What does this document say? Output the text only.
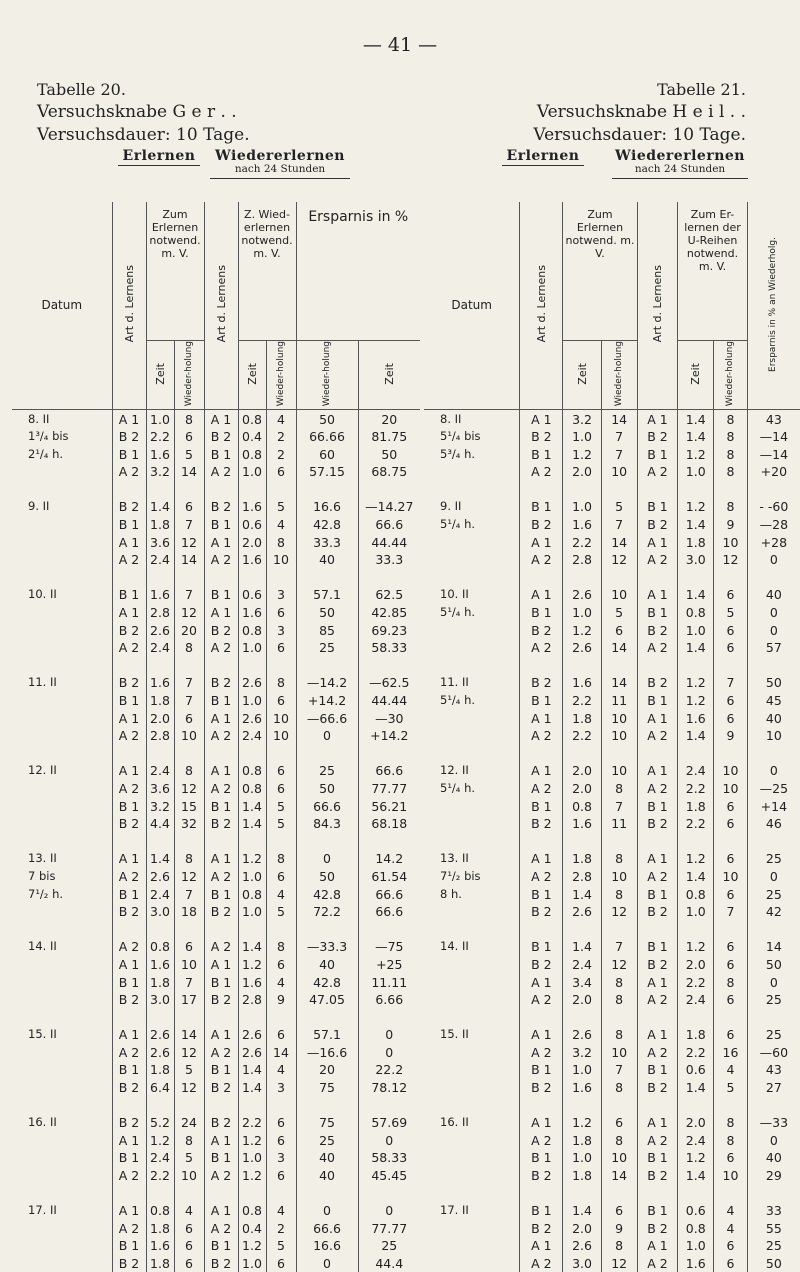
— 41 —
Tabelle 20.
Versuchsknabe G e r . .
Versuchsdauer: 10 Tage.
Tabelle 21.
Versuchsknabe H e i l . .
Versuchsdauer: 10 Tage.
Erlernen	Wiedererlernen
nach 24 Stunden
Erlernen	Wiedererlernen
nach 24 Stunden
Datum	Art d. Lernens	Zum Erlernen notwend. m. V.		Art d. Lernens	Z. Wied-erlernen notwend. m. V.		Ersparnis in %	
		Zeit	Wieder-holung		Zeit	Wieder-holung	Wieder-holung	Zeit
8. II	A 1	1.0	8	A 1	0.8	4	50	20
1³/₄ bis	B 2	2.2	6	B 2	0.4	2	66.66	81.75
2¹/₄ h.	B 1	1.6	5	B 1	0.8	2	60	50
	A 2	3.2	14	A 2	1.0	6	57.15	68.75

9. II	B 2	1.4	6	B 2	1.6	5	16.6	—14.27
	B 1	1.8	7	B 1	0.6	4	42.8	66.6
	A 1	3.6	12	A 1	2.0	8	33.3	44.44
	A 2	2.4	14	A 2	1.6	10	40	33.3

10. II	B 1	1.6	7	B 1	0.6	3	57.1	62.5
	A 1	2.8	12	A 1	1.6	6	50	42.85
	B 2	2.6	20	B 2	0.8	3	85	69.23
	A 2	2.4	8	A 2	1.0	6	25	58.33

11. II	B 2	1.6	7	B 2	2.6	8	—14.2	—62.5
	B 1	1.8	7	B 1	1.0	6	+14.2	44.44
	A 1	2.0	6	A 1	2.6	10	—66.6	—30
	A 2	2.8	10	A 2	2.4	10	0	+14.2

12. II	A 1	2.4	8	A 1	0.8	6	25	66.6
	A 2	3.6	12	A 2	0.8	6	50	77.77
	B 1	3.2	15	B 1	1.4	5	66.6	56.21
	B 2	4.4	32	B 2	1.4	5	84.3	68.18

13. II	A 1	1.4	8	A 1	1.2	8	0	14.2
7 bis	A 2	2.6	12	A 2	1.0	6	50	61.54
7¹/₂ h.	B 1	2.4	7	B 1	0.8	4	42.8	66.6
	B 2	3.0	18	B 2	1.0	5	72.2	66.6

14. II	A 2	0.8	6	A 2	1.4	8	—33.3	—75
	A 1	1.6	10	A 1	1.2	6	40	+25
	B 1	1.8	7	B 1	1.6	4	42.8	11.11
	B 2	3.0	17	B 2	2.8	9	47.05	6.66

15. II	A 1	2.6	14	A 1	2.6	6	57.1	0
	A 2	2.6	12	A 2	2.6	14	—16.6	0
	B 1	1.8	5	B 1	1.4	4	20	22.2
	B 2	6.4	12	B 2	1.4	3	75	78.12

16. II	B 2	5.2	24	B 2	2.2	6	75	57.69
	A 1	1.2	8	A 1	1.2	6	25	0
	B 1	2.4	5	B 1	1.0	3	40	58.33
	A 2	2.2	10	A 2	1.2	6	40	45.45

17. II	A 1	0.8	4	A 1	0.8	4	0	0
	A 2	1.8	6	A 2	0.4	2	66.6	77.77
	B 1	1.6	6	B 1	1.2	5	16.6	25
	B 2	1.8	6	B 2	1.0	6	0	44.4
Datum	Art d. Lernens	Zum Erlernen notwend. m. V.		Art d. Lernens	Zum Er-lernen der U-Reihen notwend. m. V.		Ersparnis in % an Wiederholg.
		Zeit	Wieder-holung		Zeit	Wieder-holung	
8. II	A 1	3.2	14	A 1	1.4	8	43
5¹/₄ bis	B 2	1.0	7	B 2	1.4	8	—14
5³/₄ h.	B 1	1.2	7	B 1	1.2	8	—14
	A 2	2.0	10	A 2	1.0	8	+20

9. II	B 1	1.0	5	B 1	1.2	8	- -60
5¹/₄ h.	B 2	1.6	7	B 2	1.4	9	—28
	A 1	2.2	14	A 1	1.8	10	+28
	A 2	2.8	12	A 2	3.0	12	0

10. II	A 1	2.6	10	A 1	1.4	6	40
5¹/₄ h.	B 1	1.0	5	B 1	0.8	5	0
	B 2	1.2	6	B 2	1.0	6	0
	A 2	2.6	14	A 2	1.4	6	57

11. II	B 2	1.6	14	B 2	1.2	7	50
5¹/₄ h.	B 1	2.2	11	B 1	1.2	6	45
	A 1	1.8	10	A 1	1.6	6	40
	A 2	2.2	10	A 2	1.4	9	10

12. II	A 1	2.0	10	A 1	2.4	10	0
5¹/₄ h.	A 2	2.0	8	A 2	2.2	10	—25
	B 1	0.8	7	B 1	1.8	6	+14
	B 2	1.6	11	B 2	2.2	6	46

13. II	A 1	1.8	8	A 1	1.2	6	25
7¹/₂ bis	A 2	2.8	10	A 2	1.4	10	0
8 h.	B 1	1.4	8	B 1	0.8	6	25
	B 2	2.6	12	B 2	1.0	7	42

14. II	B 1	1.4	7	B 1	1.2	6	14
	B 2	2.4	12	B 2	2.0	6	50
	A 1	3.4	8	A 1	2.2	8	0
	A 2	2.0	8	A 2	2.4	6	25

15. II	A 1	2.6	8	A 1	1.8	6	25
	A 2	3.2	10	A 2	2.2	16	—60
	B 1	1.0	7	B 1	0.6	4	43
	B 2	1.6	8	B 2	1.4	5	27

16. II	A 1	1.2	6	A 1	2.0	8	—33
	A 2	1.8	8	A 2	2.4	8	0
	B 1	1.0	10	B 1	1.2	6	40
	B 2	1.8	14	B 2	1.4	10	29

17. II	B 1	1.4	6	B 1	0.6	4	33
	B 2	2.0	9	B 2	0.8	4	55
	A 1	2.6	8	A 1	1.0	6	25
	A 2	3.0	12	A 2	1.6	6	50
